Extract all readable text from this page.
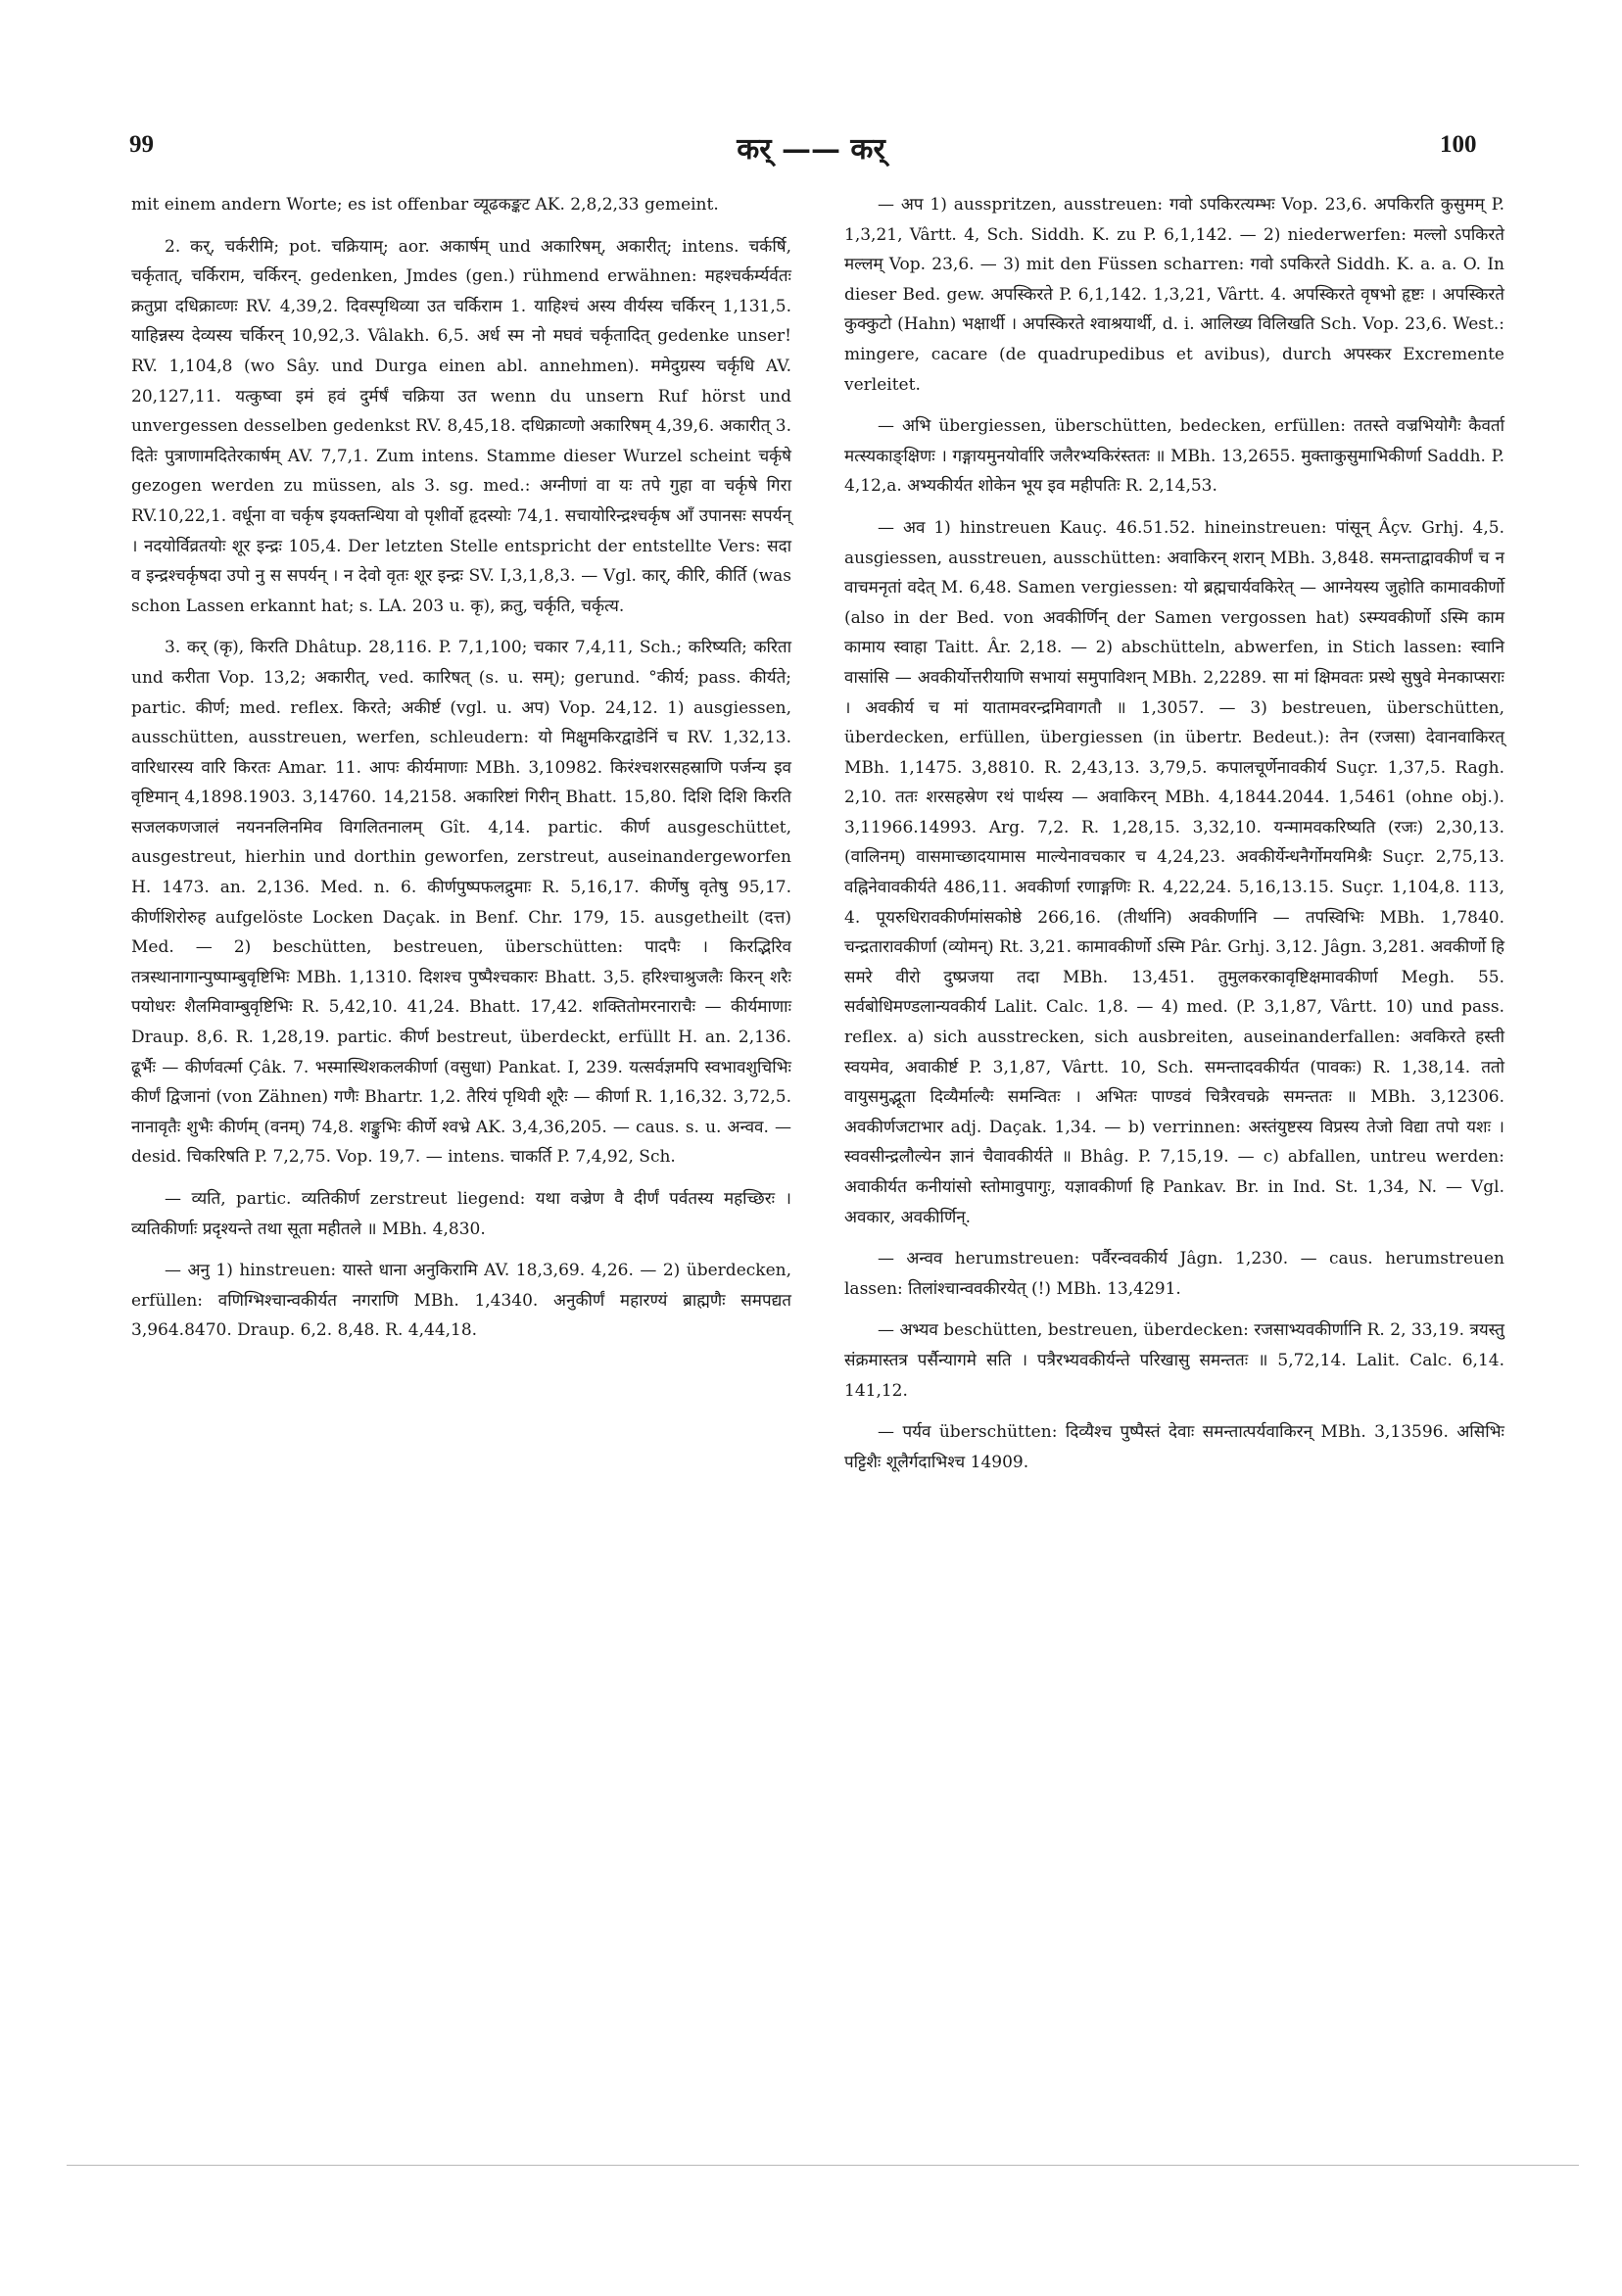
99	कर् —— कर्	100

mit einem andern Worte; es ist offenbar व्यूढकङ्कट AK. 2,8,2,33 gemeint.

2. कर्, चर्करीमि; pot. चक्रियाम्; aor. अकार्षम् und अकारिषम्, अकारीत्; intens. चर्कर्षि, चर्कृतात्, चर्किराम, चर्किरन्. gedenken, Jmdes (gen.) rühmend erwähnen: महश्चर्कर्म्यर्वतः क्रतुप्रा दधिक्राव्णः RV. 4,39,2. दिवस्पृथिव्या उत चर्किराम 1. याहिश्चं अस्य वीर्यस्य चर्किरन् 1,131,5. याहिन्नस्य देव्यस्य चर्किरन् 10,92,3. Vâlakh. 6,5. अर्ध स्म नो मघवं चर्कृतादित् gedenke unser! RV. 1,104,8 (wo Sây. und Durga einen abl. annehmen). ममेदुग्रस्य चर्कृधि AV. 20,127,11. यत्कुष्वा इमं हवं दुर्मर्षं चक्रिया उत wenn du unsern Ruf hörst und unvergessen desselben gedenkst RV. 8,45,18. दधिक्राव्णो अकारिषम् 4,39,6. अकारीत् 3. दितेः पुत्राणामदितेरकार्षम् AV. 7,7,1. Zum intens. Stamme dieser Wurzel scheint चर्कृषे gezogen werden zu müssen, als 3. sg. med.: अग्नीणां वा यः तपे गुहा वा चर्कृषे गिरा RV.10,22,1. वर्धूना वा चर्कृष इयक्तन्धिया वो पृशीर्वो हृदस्योः 74,1. सचायोरिन्द्रश्चर्कृष आँ उपानसः सपर्यन् । नदयोर्विव्रतयोः शूर इन्द्रः 105,4. Der letzten Stelle entspricht der entstellte Vers: सदा व इन्द्रश्चर्कृषदा उपो नु स सपर्यन् । न देवो वृतः शूर इन्द्रः SV. I,3,1,8,3. — Vgl. कार्, कीरि, कीर्ति (was schon Lassen erkannt hat; s. LA. 203 u. कृ), क्रतु, चर्कृति, चर्कृत्य.

3. कर् (कृ), किरति Dhâtup. 28,116. P. 7,1,100; चकार 7,4,11, Sch.; करिष्यति; करिता und करीता Vop. 13,2; अकारीत्, ved. कारिषत् (s. u. सम्); gerund. °कीर्य; pass. कीर्यते; partic. कीर्ण; med. reflex. किरते; अकीर्ष्ट (vgl. u. अप) Vop. 24,12. 1) ausgiessen, ausschütten, ausstreuen, werfen, schleudern: यो मिक्षुमकिरद्वाडेनिं च RV. 1,32,13. वारिधारस्य वारि किरतः Amar. 11. आपः कीर्यमाणाः MBh. 3,10982. किरंश्चशरसहस्राणि पर्जन्य इव वृष्टिमान् 4,1898.1903. 3,14760. 14,2158. अकारिष्टां गिरीन् Bhatt. 15,80. दिशि दिशि किरति सजलकणजालं नयननलिनमिव विगलितनालम् Gît. 4,14. partic. कीर्ण ausgeschüttet, ausgestreut, hierhin und dorthin geworfen, zerstreut, auseinandergeworfen H. 1473. an. 2,136. Med. n. 6. कीर्णपुष्पफलद्रुमाः R. 5,16,17. कीर्णेषु वृतेषु 95,17. कीर्णशिरोरुह aufgelöste Locken Daçak. in Benf. Chr. 179, 15. ausgetheilt (दत्त) Med. — 2) beschütten, bestreuen, überschütten: पादपैः । किरद्भिरिव तत्रस्थानागान्पुष्पाम्बुवृष्टिभिः MBh. 1,1310. दिशश्च पुष्पैश्चकारः Bhatt. 3,5. हरिश्चाश्रुजलैः किरन् शरैः पयोधरः शैलमिवाम्बुवृष्टिभिः R. 5,42,10. 41,24. Bhatt. 17,42. शक्तितोमरनाराचैः — कीर्यमाणाः Draup. 8,6. R. 1,28,19. partic. कीर्ण bestreut, überdeckt, erfüllt H. an. 2,136. ढूर्भैः — कीर्णवर्त्मा Çâk. 7. भस्मास्थिशकलकीर्णा (वसुधा) Pankat. I, 239. यत्सर्वज्ञमपि स्वभावशुचिभिः कीर्णं द्विजानां (von Zähnen) गणैः Bhartr. 1,2. तैरियं पृथिवी शूरैः — कीर्णा R. 1,16,32. 3,72,5. नानावृतैः शुभैः कीर्णम् (वनम्) 74,8. शङ्कुभिः कीर्णे श्वभ्रे AK. 3,4,36,205. — caus. s. u. अन्वव. — desid. चिकरिषति P. 7,2,75. Vop. 19,7. — intens. चाकर्ति P. 7,4,92, Sch.

— व्यति, partic. व्यतिकीर्ण zerstreut liegend: यथा वज्रेण वै दीर्णं पर्वतस्य महच्छिरः । व्यतिकीर्णाः प्रदृश्यन्ते तथा सूता महीतले ॥ MBh. 4,830.

— अनु 1) hinstreuen: यास्ते धाना अनुकिरामि AV. 18,3,69. 4,26. — 2) überdecken, erfüllen: वणिग्भिश्चान्वकीर्यत नगराणि MBh. 1,4340. अनुकीर्णं महारण्यं ब्राह्मणैः समपद्यत 3,964.8470. Draup. 6,2. 8,48. R. 4,44,18.

— अप 1) ausspritzen, ausstreuen: गवो ऽपकिरत्यम्भः Vop. 23,6. अपकिरति कुसुमम् P. 1,3,21, Vârtt. 4, Sch. Siddh. K. zu P. 6,1,142. — 2) niederwerfen: मल्लो ऽपकिरते मल्लम् Vop. 23,6. — 3) mit den Füssen scharren: गवो ऽपकिरते Siddh. K. a. a. O. In dieser Bed. gew. अपस्किरते P. 6,1,142. 1,3,21, Vârtt. 4. अपस्किरते वृषभो हृष्टः । अपस्किरते कुक्कुटो (Hahn) भक्षार्थी । अपस्किरते श्वाश्रयार्थी, d. i. आलिख्य विलिखति Sch. Vop. 23,6. West.: mingere, cacare (de quadrupedibus et avibus), durch अपस्कर Excremente verleitet.

— अभि übergiessen, überschütten, bedecken, erfüllen: ततस्ते वज्रभियोगैः कैवर्ता मत्स्यकाङ्क्षिणः । गङ्गायमुनयोर्वारि जलैरभ्यकिरंस्ततः ॥ MBh. 13,2655. मुक्ताकुसुमाभिकीर्णा Saddh. P. 4,12,a. अभ्यकीर्यत शोकेन भूय इव महीपतिः R. 2,14,53.

— अव 1) hinstreuen Kauç. 46.51.52. hineinstreuen: पांसून् Âçv. Grhj. 4,5. ausgiessen, ausstreuen, ausschütten: अवाकिरन् शरान् MBh. 3,848. समन्ताद्वावकीर्णं च न वाचमनृतां वदेत् M. 6,48. Samen vergiessen: यो ब्रह्मचार्यवकिरेत् — आग्नेयस्य जुहोति कामावकीर्णो (also in der Bed. von अवकीर्णिन् der Samen vergossen hat) ऽस्म्यवकीर्णो ऽस्मि काम कामाय स्वाहा Taitt. Âr. 2,18. — 2) abschütteln, abwerfen, in Stich lassen: स्वानि वासांसि — अवकीर्योत्तरीयाणि सभायां समुपाविशन् MBh. 2,2289. सा मां क्षिमवतः प्रस्थे सुषुवे मेनकाप्सराः । अवकीर्य च मां यातामवरन्द्रमिवागतौ ॥ 1,3057. — 3) bestreuen, überschütten, überdecken, erfüllen, übergiessen (in übertr. Bedeut.): तेन (रजसा) देवानवाकिरत् MBh. 1,1475. 3,8810. R. 2,43,13. 3,79,5. कपालचूर्णेनावकीर्य Suçr. 1,37,5. Ragh. 2,10. ततः शरसहस्रेण रथं पार्थस्य — अवाकिरन् MBh. 4,1844.2044. 1,5461 (ohne obj.). 3,11966.14993. Arg. 7,2. R. 1,28,15. 3,32,10. यन्मामवकरिष्यति (रजः) 2,30,13. (वालिनम्) वासमाच्छादयामास माल्येनावचकार च 4,24,23. अवकीर्येन्धनैर्गोमयमिश्रैः Suçr. 2,75,13. वह्निनेवावकीर्यते 486,11. अवकीर्णा रणाङ्गणिः R. 4,22,24. 5,16,13.15. Suçr. 1,104,8. 113, 4. पूयरुधिरावकीर्णमांसकोष्ठे 266,16. (तीर्थानि) अवकीर्णानि — तपस्विभिः MBh. 1,7840. चन्द्रतारावकीर्णा (व्योमन्) Rt. 3,21. कामावकीर्णो ऽस्मि Pâr. Grhj. 3,12. Jâgn. 3,281. अवकीर्णो हि समरे वीरो दुष्प्रजया तदा MBh. 13,451. तुमुलकरकावृष्टिक्षमावकीर्णा Megh. 55. सर्वबोधिमण्डलान्यवकीर्य Lalit. Calc. 1,8. — 4) med. (P. 3,1,87, Vârtt. 10) und pass. reflex. a) sich ausstrecken, sich ausbreiten, auseinanderfallen: अवकिरते हस्ती स्वयमेव, अवाकीर्ष्ट P. 3,1,87, Vârtt. 10, Sch. समन्तादवकीर्यत (पावकः) R. 1,38,14. ततो वायुसमुद्भूता दिव्यैर्माल्यैः समन्वितः । अभितः पाण्डवं चित्रैरवचक्रे समन्ततः ॥ MBh. 3,12306. अवकीर्णजटाभार adj. Daçak. 1,34. — b) verrinnen: अस्तंयुष्टस्य विप्रस्य तेजो विद्या तपो यशः । स्ववसीन्द्रलौल्येन ज्ञानं चैवावकीर्यते ॥ Bhâg. P. 7,15,19. — c) abfallen, untreu werden: अवाकीर्यत कनीयांसो स्तोमावुपागुः, यज्ञावकीर्णा हि Pankav. Br. in Ind. St. 1,34, N. — Vgl. अवकार, अवकीर्णिन्.

— अन्वव herumstreuen: पर्वैरन्ववकीर्य Jâgn. 1,230. — caus. herumstreuen lassen: तिलांश्चान्ववकीरयेत् (!) MBh. 13,4291.

— अभ्यव beschütten, bestreuen, überdecken: रजसाभ्यवकीर्णानि R. 2, 33,19. त्रयस्तु संक्रमास्तत्र पर्सैन्यागमे सति । पत्रैरभ्यवकीर्यन्ते परिखासु समन्ततः ॥ 5,72,14. Lalit. Calc. 6,14. 141,12.

— पर्यव überschütten: दिव्यैश्च पुष्पैस्तं देवाः समन्तात्पर्यवाकिरन् MBh. 3,13596. असिभिः पट्टिशैः शूलैर्गदाभिश्च 14909.
